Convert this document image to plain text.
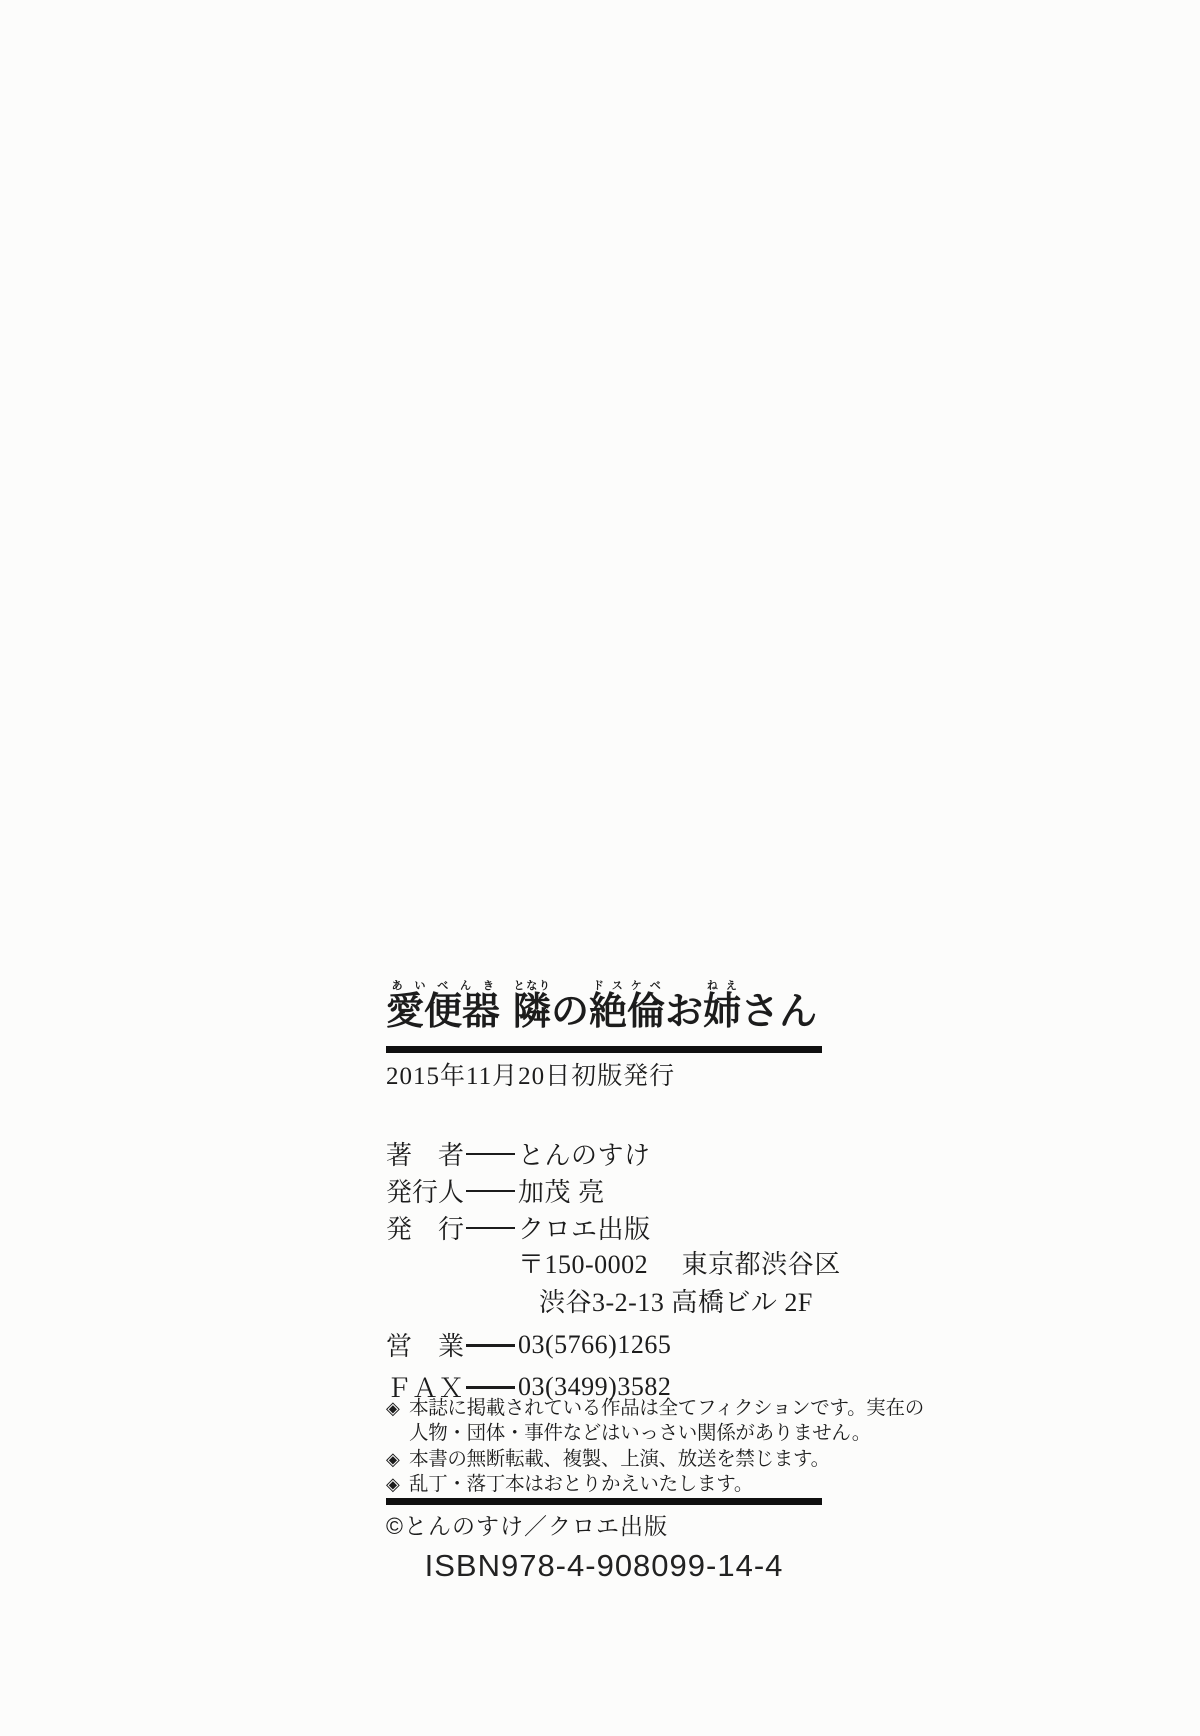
愛便器あいべんき　隣となりの絶倫ドスケベお姉ねえさん
2015年11月20日初版発行
著　者 とんのすけ
発行人 加茂 亮
発　行 クロエ出版
〒150-0002　 東京都渋谷区
渋谷3-2-13 高橋ビル 2F
営　業 03(5766)1265
ＦＡＸ 03(3499)3582
◈ 本誌に掲載されている作品は全てフィクションです。実在の
人物・団体・事件などはいっさい関係がありません。
◈ 本書の無断転載、複製、上演、放送を禁じます。
◈ 乱丁・落丁本はおとりかえいたします。
©とんのすけ／クロエ出版
ISBN978-4-908099-14-4
